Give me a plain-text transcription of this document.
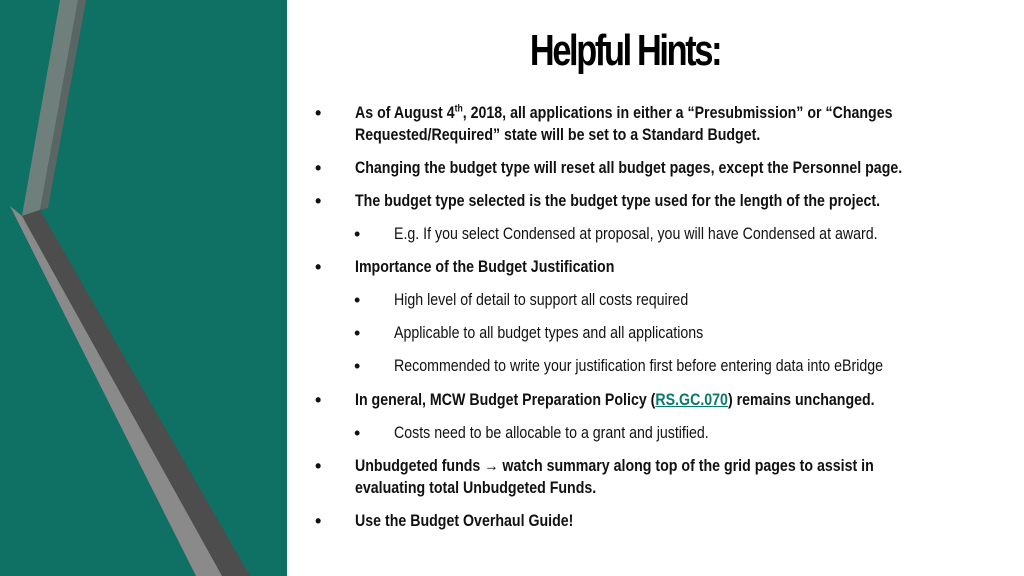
Helpful Hints:
• As of August 4th, 2018, all applications in either a “Presubmission” or “Changes
Requested/Required” state will be set to a Standard Budget.
• Changing the budget type will reset all budget pages, except the Personnel page.
• The budget type selected is the budget type used for the length of the project.
• E.g. If you select Condensed at proposal, you will have Condensed at award.
• Importance of the Budget Justification
• High level of detail to support all costs required
• Applicable to all budget types and all applications
• Recommended to write your justification first before entering data into eBridge
• In general, MCW Budget Preparation Policy (RS.GC.070) remains unchanged.
• Costs need to be allocable to a grant and justified.
• Unbudgeted funds → watch summary along top of the grid pages to assist in
evaluating total Unbudgeted Funds.
• Use the Budget Overhaul Guide!
